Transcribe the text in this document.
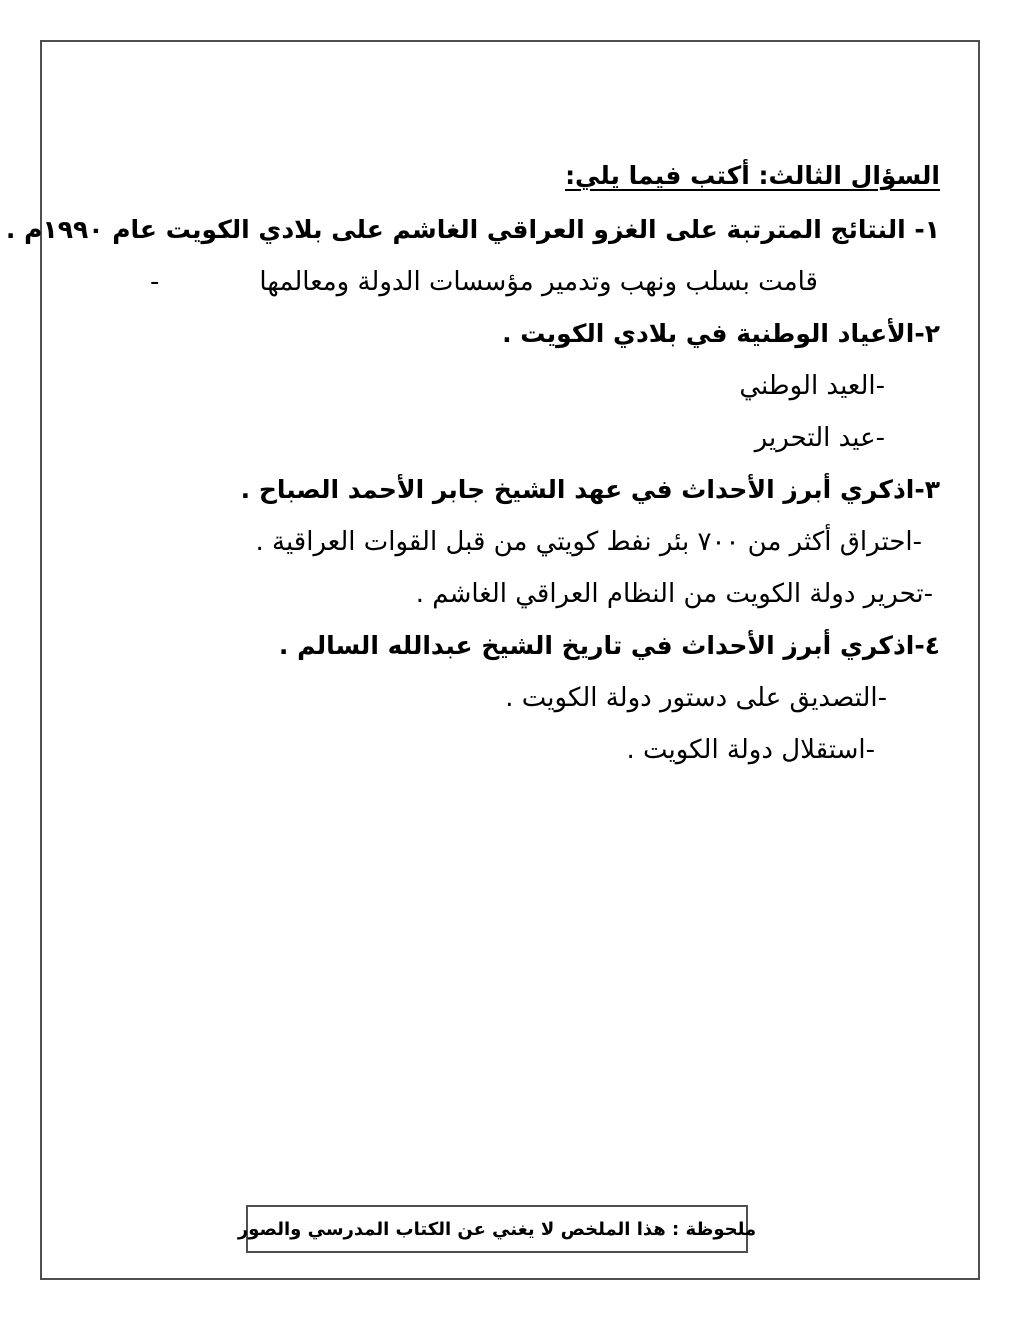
السؤال الثالث: أكتب فيما يلي:
١- النتائج المترتبة على الغزو العراقي الغاشم على بلادي الكويت عام ١٩٩٠م .
قامت بسلب ونهب وتدمير مؤسسات الدولة ومعالمها-
٢-الأعياد الوطنية في بلادي الكويت .
-العيد الوطني
-عيد التحرير
٣-اذكري أبرز الأحداث في عهد الشيخ جابر الأحمد الصباح .
-احتراق أكثر من ٧٠٠ بئر نفط كويتي من قبل القوات العراقية .
-تحرير دولة الكويت من النظام العراقي الغاشم .
٤-اذكري أبرز الأحداث في تاريخ الشيخ عبدالله السالم .
-التصديق على دستور دولة الكويت .
-استقلال دولة الكويت .
ملحوظة : هذا الملخص لا يغني عن الكتاب المدرسي والصور
